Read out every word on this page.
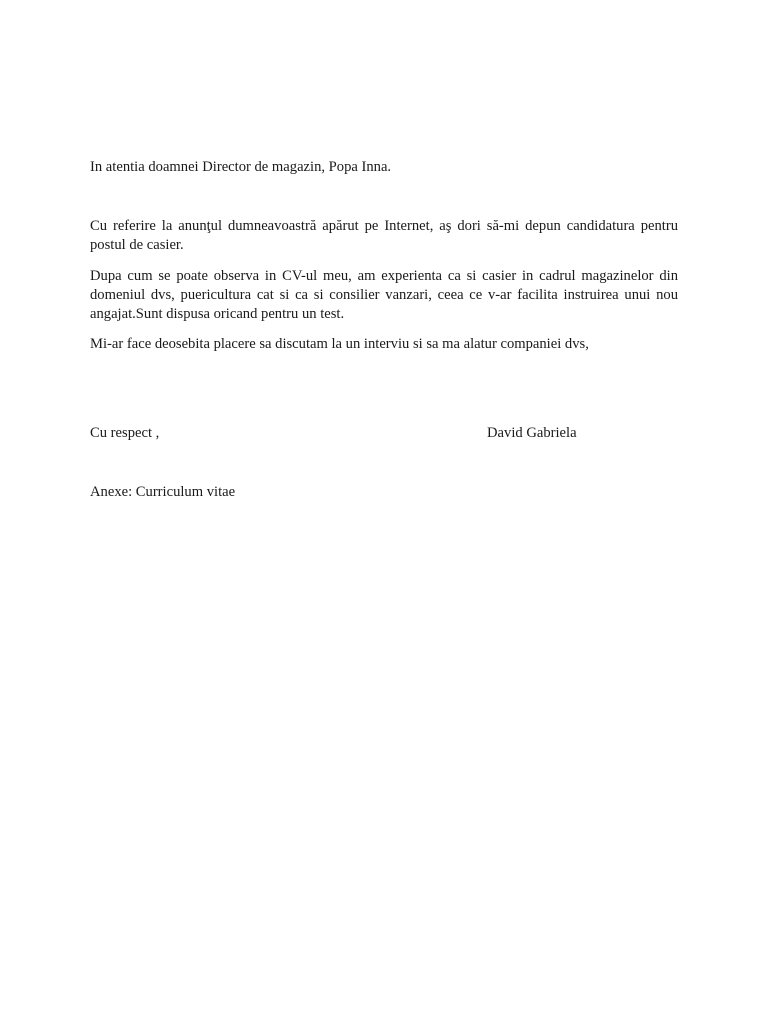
In atentia doamnei Director de magazin, Popa Inna.
Cu referire la anunţul dumneavoastră apărut pe Internet, aş dori să-mi depun candidatura pentru postul de casier.
Dupa cum se poate observa in CV-ul meu, am experienta ca si casier in cadrul magazinelor din domeniul dvs, puericultura cat si ca si consilier vanzari, ceea ce v-ar facilita instruirea unui nou angajat.Sunt dispusa oricand pentru un test.
Mi-ar face deosebita placere sa discutam la un interviu si sa ma alatur companiei dvs,
Cu respect ,	David Gabriela
Anexe: Curriculum vitae
